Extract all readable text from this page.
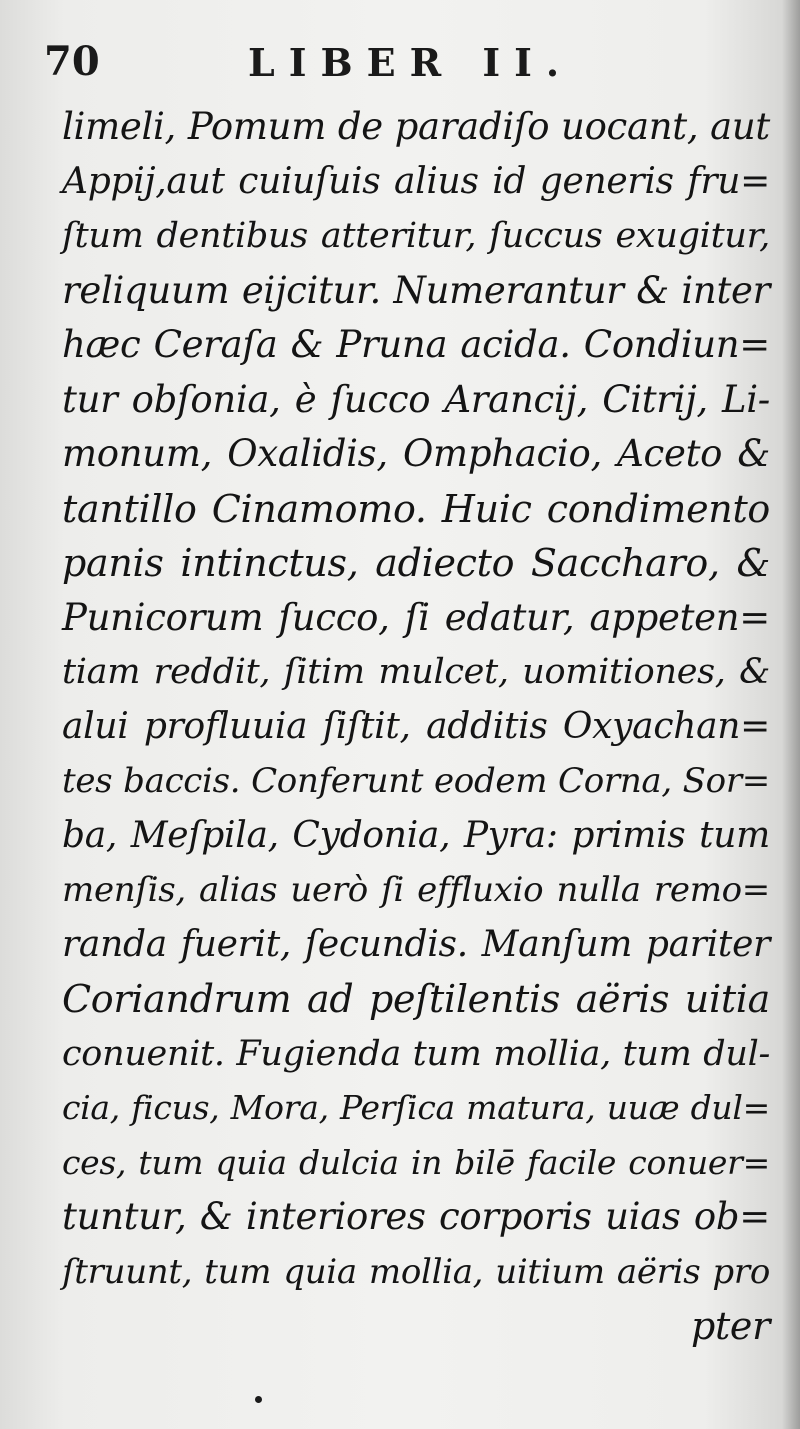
70	LIBER II.
limeli, Pomum de paradiſo uocant, aut
Appij,aut cuiuſuis alius id generis fru=
ſtum dentibus atteritur, ſuccus exugitur,
reliquum eijcitur. Numerantur & inter
hæc Ceraſa & Pruna acida. Condiun=
tur obſonia, è ſucco Arancij, Citrij, Li-
monum, Oxalidis, Omphacio, Aceto &
tantillo Cinamomo. Huic condimento
panis intinctus, adiecto Saccharo, &
Punicorum ſucco, ſi edatur, appeten=
tiam reddit, ſitim mulcet, uomitiones, &
alui profluuia ſiſtit, additis Oxyachan=
tes baccis. Conferunt eodem Corna, Sor=
ba, Meſpila, Cydonia, Pyra: primis tum
menſis, alias uerò ſi effluxio nulla remo=
randa fuerit, ſecundis. Manſum pariter
Coriandrum ad peſtilentis aëris uitia
conuenit. Fugienda tum mollia, tum dul-
cia, ficus, Mora, Perſica matura, uuæ dul=
ces, tum quia dulcia in bilē facile conuer=
tuntur, & interiores corporis uias ob=
ſtruunt, tum quia mollia, uitium aëris pro
pter
